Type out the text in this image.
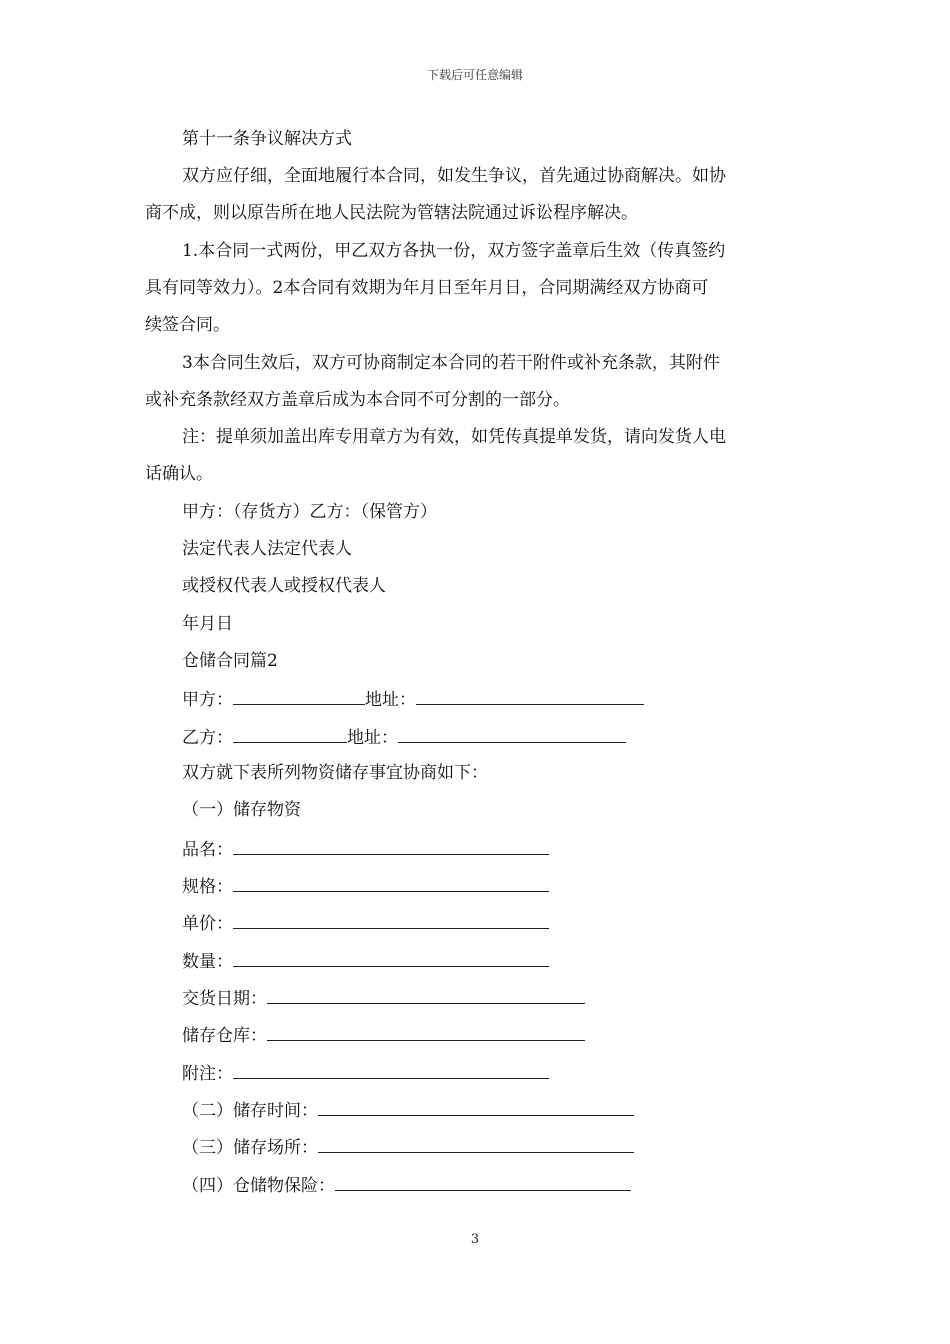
下载后可任意编辑
第十一条争议解决方式
双方应仔细，全面地履行本合同，如发生争议，首先通过协商解决。如协
商不成，则以原告所在地人民法院为管辖法院通过诉讼程序解决。
1.本合同一式两份，甲乙双方各执一份，双方签字盖章后生效（传真签约
具有同等效力）。2本合同有效期为年月日至年月日，合同期满经双方协商可
续签合同。
3本合同生效后，双方可协商制定本合同的若干附件或补充条款，其附件
或补充条款经双方盖章后成为本合同不可分割的一部分。
注：提单须加盖出库专用章方为有效，如凭传真提单发货，请向发货人电
话确认。
甲方：（存货方）乙方：（保管方）
法定代表人法定代表人
或授权代表人或授权代表人
年月日
仓储合同篇2
甲方：	地址：
乙方：	地址：
双方就下表所列物资储存事宜协商如下：
（一）储存物资
品名：
规格：
单价：
数量：
交货日期：
储存仓库：
附注：
（二）储存时间：
（三）储存场所：
（四）仓储物保险：
3
